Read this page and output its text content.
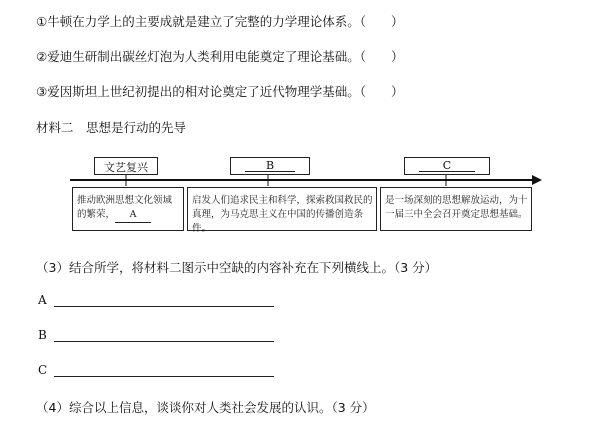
①牛顿在力学上的主要成就是建立了完整的力学理论体系。（　　）
②爱迪生研制出碳丝灯泡为人类利用电能奠定了理论基础。（　　）
③爱因斯坦上世纪初提出的相对论奠定了近代物理学基础。（　　）
材料二　思想是行动的先导
文艺复兴	B	C
推动欧洲思想文化领域的繁荣， A
启发人们追求民主和科学，探索救国救民的真理，为马克思主义在中国的传播创造条件。
是一场深刻的思想解放运动，为十一届三中全会召开奠定思想基础。
（3）结合所学，将材料二图示中空缺的内容补充在下列横线上。（3 分）
A
B
C
（4）综合以上信息，谈谈你对人类社会发展的认识。（3 分）
